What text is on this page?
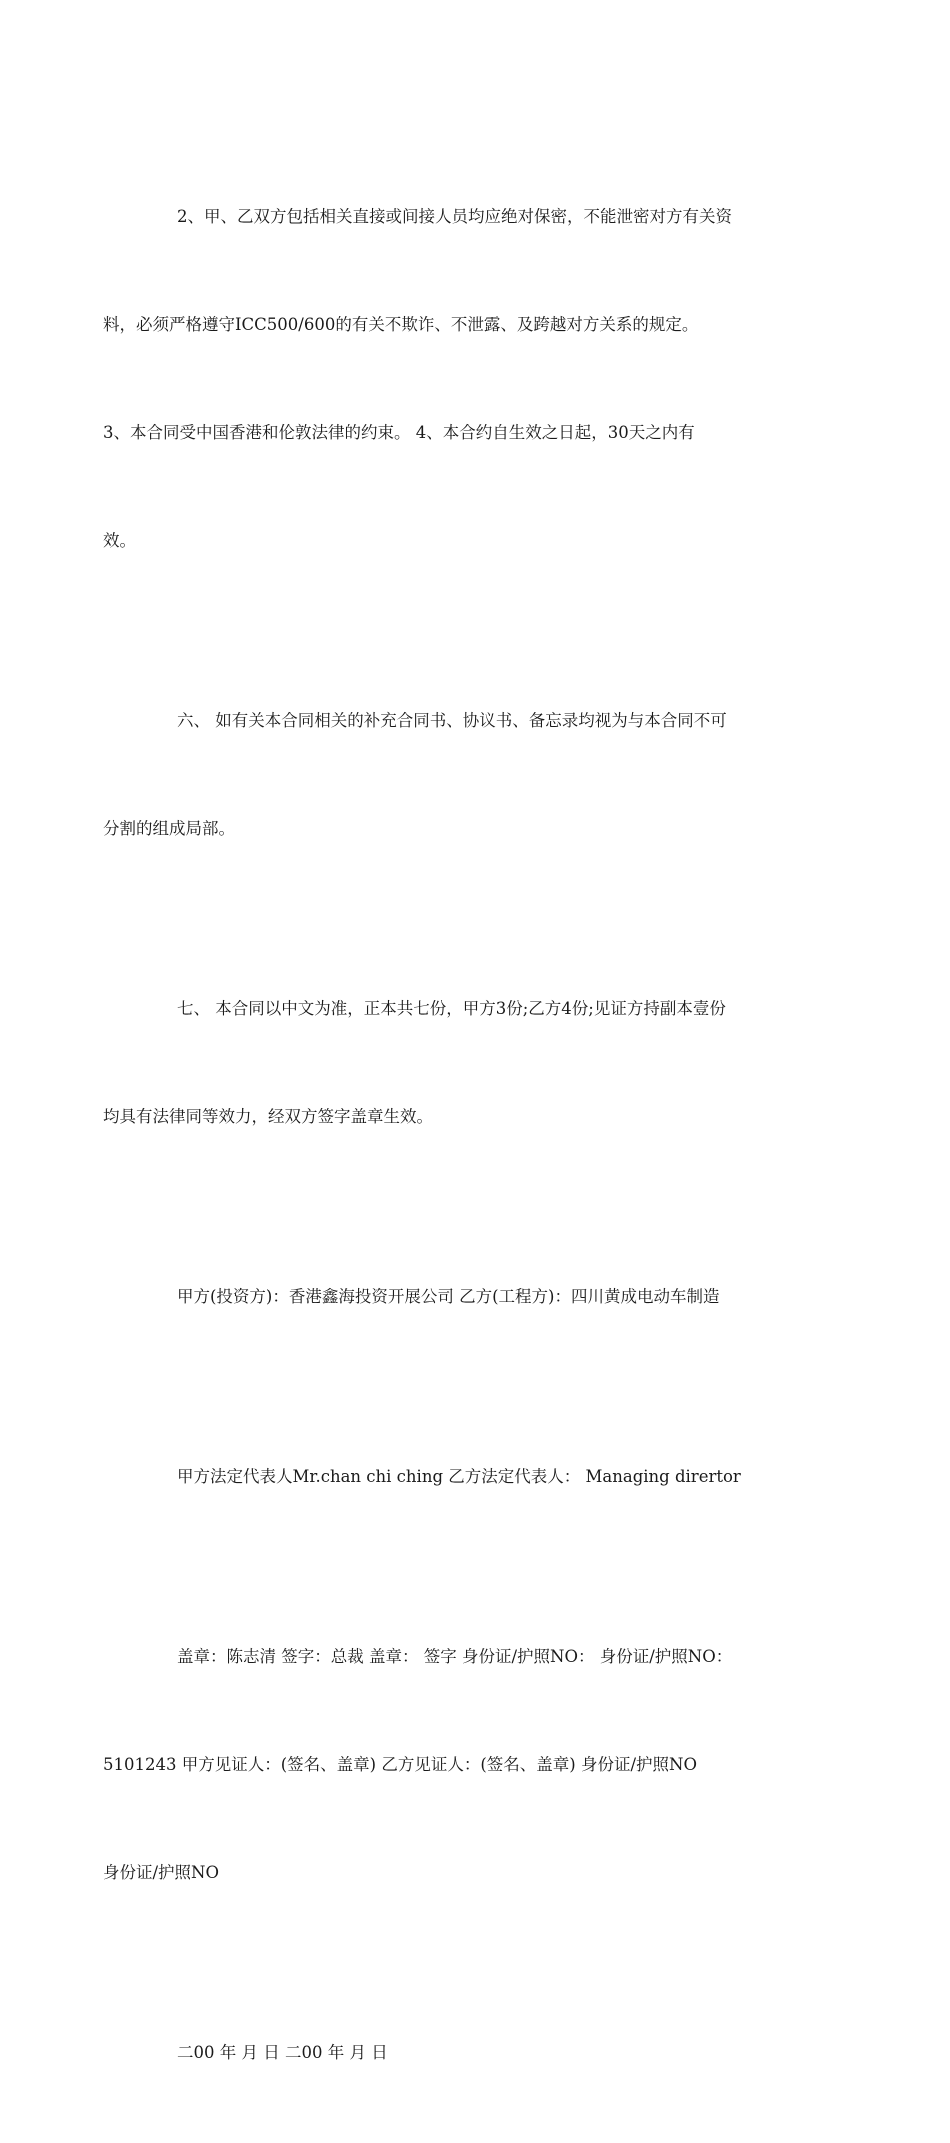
2、甲、乙双方包括相关直接或间接人员均应绝对保密，不能泄密对方有关资

料，必须严格遵守ICC500/600的有关不欺诈、不泄露、及跨越对方关系的规定。

3、本合同受中国香港和伦敦法律的约束。 4、本合约自生效之日起，30天之内有

效。

六、 如有关本合同相关的补充合同书、协议书、备忘录均视为与本合同不可

分割的组成局部。

七、 本合同以中文为准，正本共七份，甲方3份;乙方4份;见证方持副本壹份

均具有法律同等效力，经双方签字盖章生效。

甲方(投资方)：香港鑫海投资开展公司 乙方(工程方)：四川黄成电动车制造

甲方法定代表人Mr.chan chi ching 乙方法定代表人： Managing dirertor

盖章：陈志清 签字：总裁 盖章： 签字 身份证/护照NO： 身份证/护照NO：

5101243 甲方见证人：(签名、盖章) 乙方见证人：(签名、盖章) 身份证/护照NO

身份证/护照NO

二00 年 月 日 二00 年 月 日
